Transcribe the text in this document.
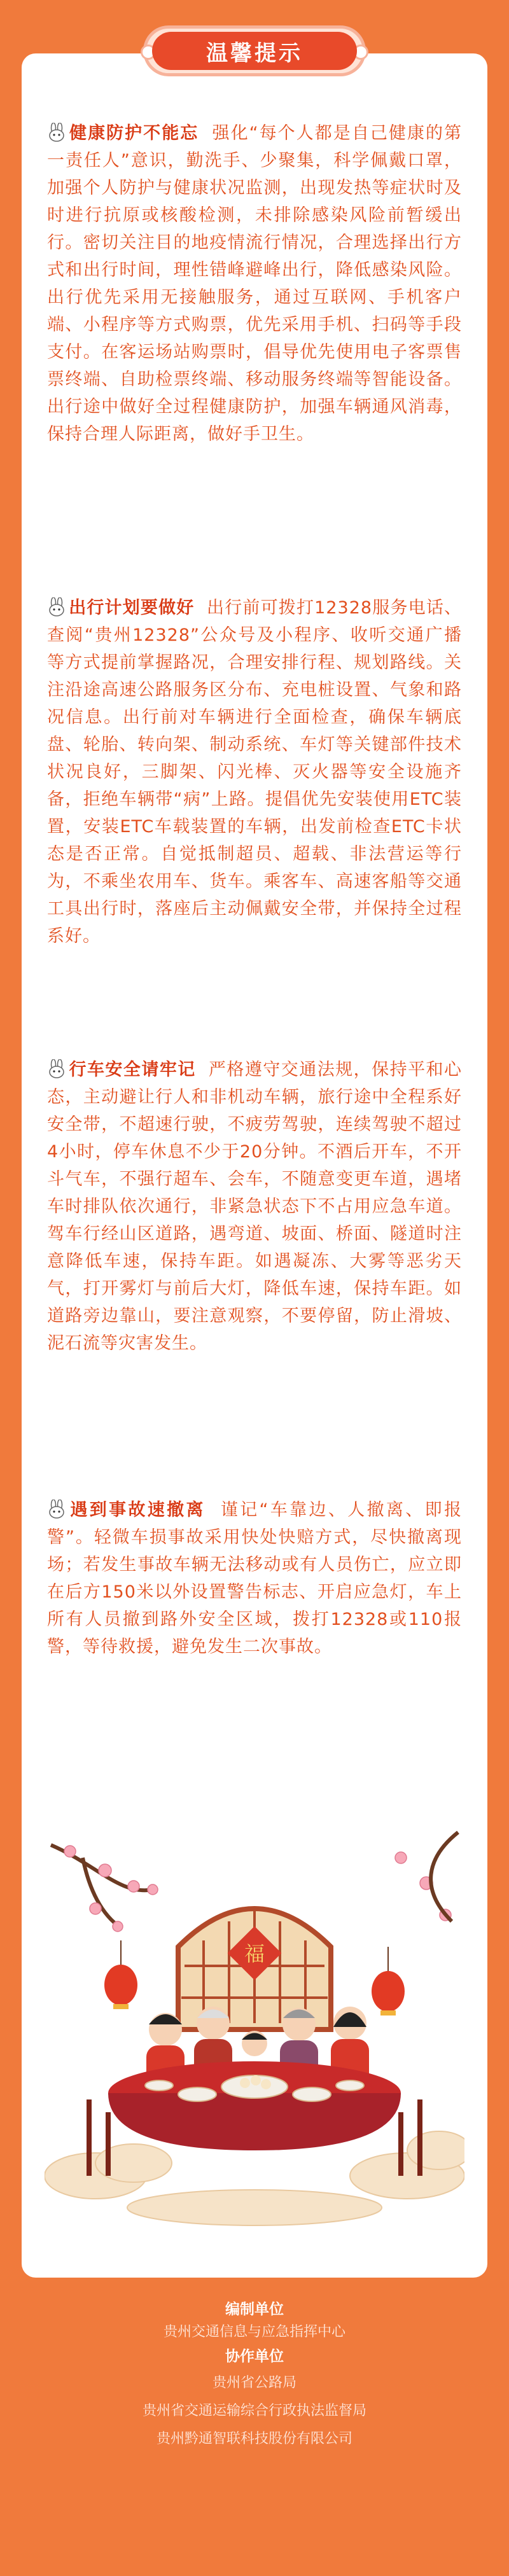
温馨提示
健康防护不能忘 强化“每个人都是自己健康的第一责任人”意识，勤洗手、少聚集，科学佩戴口罩，加强个人防护与健康状况监测，出现发热等症状时及时进行抗原或核酸检测，未排除感染风险前暂缓出行。密切关注目的地疫情流行情况，合理选择出行方式和出行时间，理性错峰避峰出行，降低感染风险。出行优先采用无接触服务，通过互联网、手机客户端、小程序等方式购票，优先采用手机、扫码等手段支付。在客运场站购票时，倡导优先使用电子客票售票终端、自助检票终端、移动服务终端等智能设备。出行途中做好全过程健康防护，加强车辆通风消毒，保持合理人际距离，做好手卫生。
出行计划要做好 出行前可拨打12328服务电话、查阅“贵州12328”公众号及小程序、收听交通广播等方式提前掌握路况，合理安排行程、规划路线。关注沿途高速公路服务区分布、充电桩设置、气象和路况信息。出行前对车辆进行全面检查，确保车辆底盘、轮胎、转向架、制动系统、车灯等关键部件技术状况良好，三脚架、闪光棒、灭火器等安全设施齐备，拒绝车辆带“病”上路。提倡优先安装使用ETC装置，安装ETC车载装置的车辆，出发前检查ETC卡状态是否正常。自觉抵制超员、超载、非法营运等行为，不乘坐农用车、货车。乘客车、高速客船等交通工具出行时，落座后主动佩戴安全带，并保持全过程系好。
行车安全请牢记 严格遵守交通法规，保持平和心态，主动避让行人和非机动车辆，旅行途中全程系好安全带，不超速行驶，不疲劳驾驶，连续驾驶不超过4小时，停车休息不少于20分钟。不酒后开车，不开斗气车，不强行超车、会车，不随意变更车道，遇堵车时排队依次通行，非紧急状态下不占用应急车道。驾车行经山区道路，遇弯道、坡面、桥面、隧道时注意降低车速，保持车距。如遇凝冻、大雾等恶劣天气，打开雾灯与前后大灯，降低车速，保持车距。如道路旁边靠山，要注意观察，不要停留，防止滑坡、泥石流等灾害发生。
遇到事故速撤离 谨记“车靠边、人撤离、即报警”。轻微车损事故采用快处快赔方式，尽快撤离现场；若发生事故车辆无法移动或有人员伤亡，应立即在后方150米以外设置警告标志、开启应急灯，车上所有人员撤到路外安全区域，拨打12328或110报警，等待救援，避免发生二次事故。
福
编制单位
贵州交通信息与应急指挥中心
协作单位
贵州省公路局
贵州省交通运输综合行政执法监督局
贵州黔通智联科技股份有限公司
